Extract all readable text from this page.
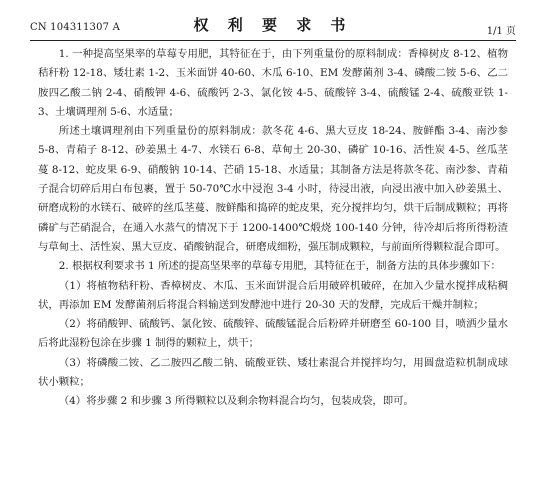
CN 104311307 A	权 利 要 求 书	1/1 页

1. 一种提高坚果率的草莓专用肥，其特征在于，由下列重量份的原料制成：香樟树皮 8-12、植物秸秆粉 12-18、矮壮素 1-2、玉米面饼 40-60、木瓜 6-10、EM 发酵菌剂 3-4、磷酸二铵 5-6、乙二胺四乙酸二钠 2-4、硝酸钾 4-6、硫酸钙 2-3、氯化铵 4-5、硫酸锌 3-4、硫酸锰 2-4、硫酸亚铁 1-3、土壤调理剂 5-6、水适量；

所述土壤调理剂由下列重量份的原料制成：款冬花 4-6、黑大豆皮 18-24、胺鲜酯 3-4、南沙参 5-8、青葙子 8-12、砂姜黑土 4-7、水镁石 6-8、草甸土 20-30、磷矿 10-16、活性炭 4-5、丝瓜茎蔓 8-12、蛇皮果 6-9、硝酸钠 10-14、芒硝 15-18、水适量；其制备方法是将款冬花、南沙参、青葙子混合切碎后用白布包裹，置于 50-70℃水中浸泡 3-4 小时，待浸出液，向浸出液中加入砂姜黑土、研磨成粉的水镁石、破碎的丝瓜茎蔓、胺鲜酯和捣碎的蛇皮果，充分搅拌均匀，烘干后制成颗粒；再将磷矿与芒硝混合，在通入水蒸气的情况下于 1200-1400℃煅烧 100-140 分钟，待冷却后将所得粉渣与草甸土、活性炭、黑大豆皮、硝酸钠混合，研磨成细粉，强压制成颗粒，与前面所得颗粒混合即可。

2. 根据权利要求书 1 所述的提高坚果率的草莓专用肥，其特征在于，制备方法的具体步骤如下：

（1）将植物秸秆粉、香樟树皮、木瓜、玉米面饼混合后用破碎机破碎，在加入少量水搅拌成粘稠状，再添加 EM 发酵菌剂后将混合料输送到发酵池中进行 20-30 天的发酵，完成后干燥并制粒；

（2）将硝酸钾、硫酸钙、氯化铵、硫酸锌、硫酸锰混合后粉碎并研磨至 60-100 目，喷洒少量水后将此湿粉包涂在步骤 1 制得的颗粒上，烘干；

（3）将磷酸二铵、乙二胺四乙酸二钠、硫酸亚铁、矮壮素混合并搅拌均匀，用圆盘造粒机制成球状小颗粒；

（4）将步骤 2 和步骤 3 所得颗粒以及剩余物料混合均匀，包装成袋，即可。
